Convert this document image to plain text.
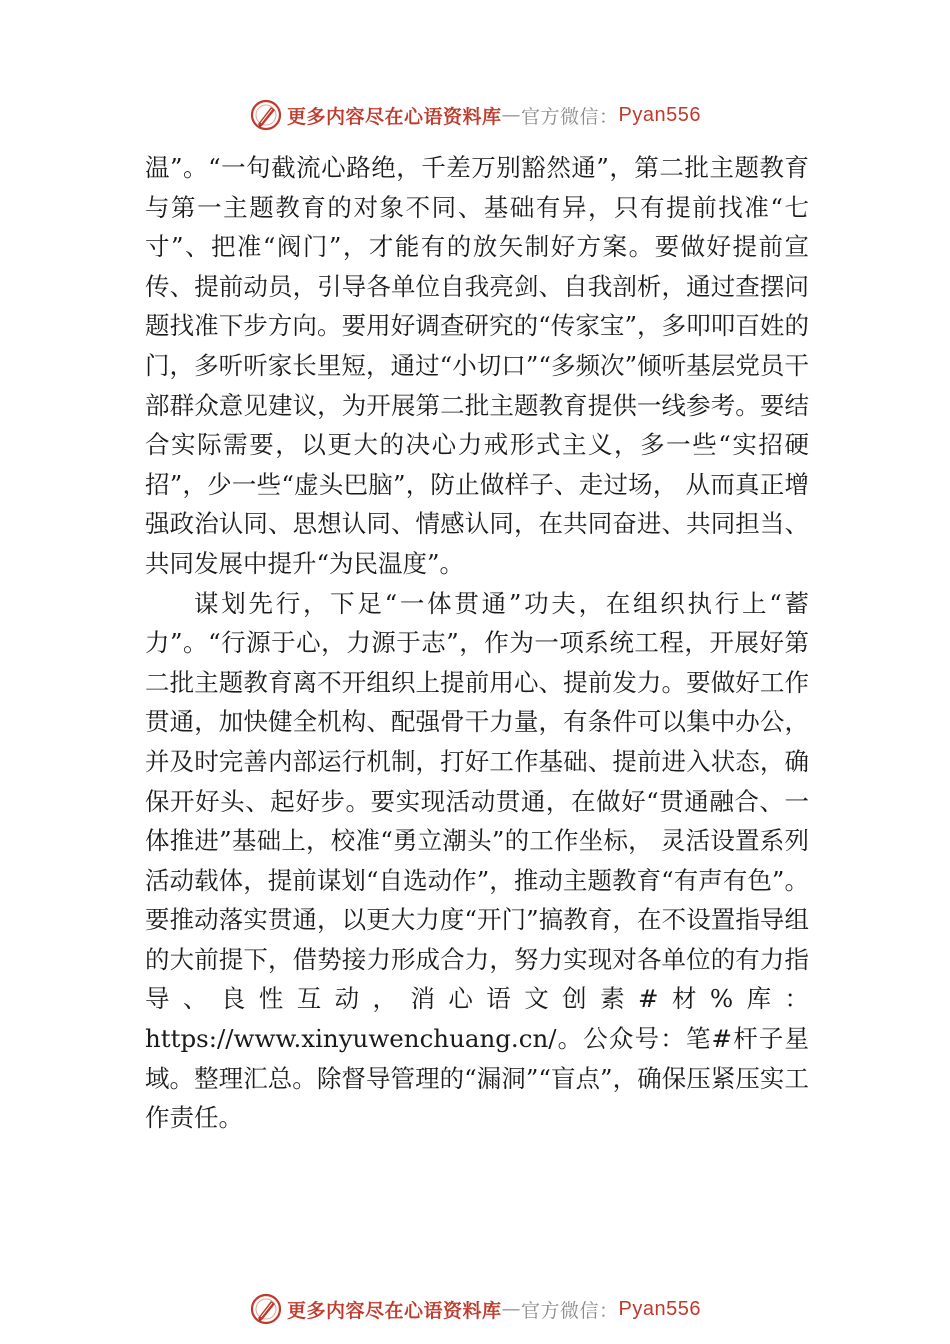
更多内容尽在心语资料库 — 官方微信： Pyan556

温”。“一句截流心路绝，千差万别豁然通”，第二批主题教育与第一主题教育的对象不同、基础有异，只有提前找准“七寸”、把准“阀门”，才能有的放矢制好方案。要做好提前宣传、提前动员，引导各单位自我亮剑、自我剖析，通过查摆问题找准下步方向。要用好调查研究的“传家宝”，多叩叩百姓的门，多听听家长里短，通过“小切口”“多频次”倾听基层党员干部群众意见建议，为开展第二批主题教育提供一线参考。要结合实际需要，以更大的决心力戒形式主义，多一些“实招硬招”，少一些“虚头巴脑”，防止做样子、走过场， 从而真正增强政治认同、思想认同、情感认同，在共同奋进、共同担当、共同发展中提升“为民温度”。

谋划先行，下足“一体贯通”功夫，在组织执行上“蓄力”。“行源于心，力源于志”，作为一项系统工程，开展好第二批主题教育离不开组织上提前用心、提前发力。要做好工作贯通，加快健全机构、配强骨干力量，有条件可以集中办公，并及时完善内部运行机制，打好工作基础、提前进入状态，确保开好头、起好步。要实现活动贯通，在做好“贯通融合、一体推进”基础上，校准“勇立潮头”的工作坐标， 灵活设置系列活动载体，提前谋划“自选动作”，推动主题教育“有声有色”。要推动落实贯通，以更大力度“开门”搞教育，在不设置指导组的大前提下，借势接力形成合力，努力实现对各单位的有力指导、良性互动，消心语文创素#材%库：https://www.xinyuwenchuang.cn/。公众号：笔#杆子星域。整理汇总。除督导管理的“漏洞”“盲点”，确保压紧压实工作责任。

更多内容尽在心语资料库 — 官方微信： Pyan556
